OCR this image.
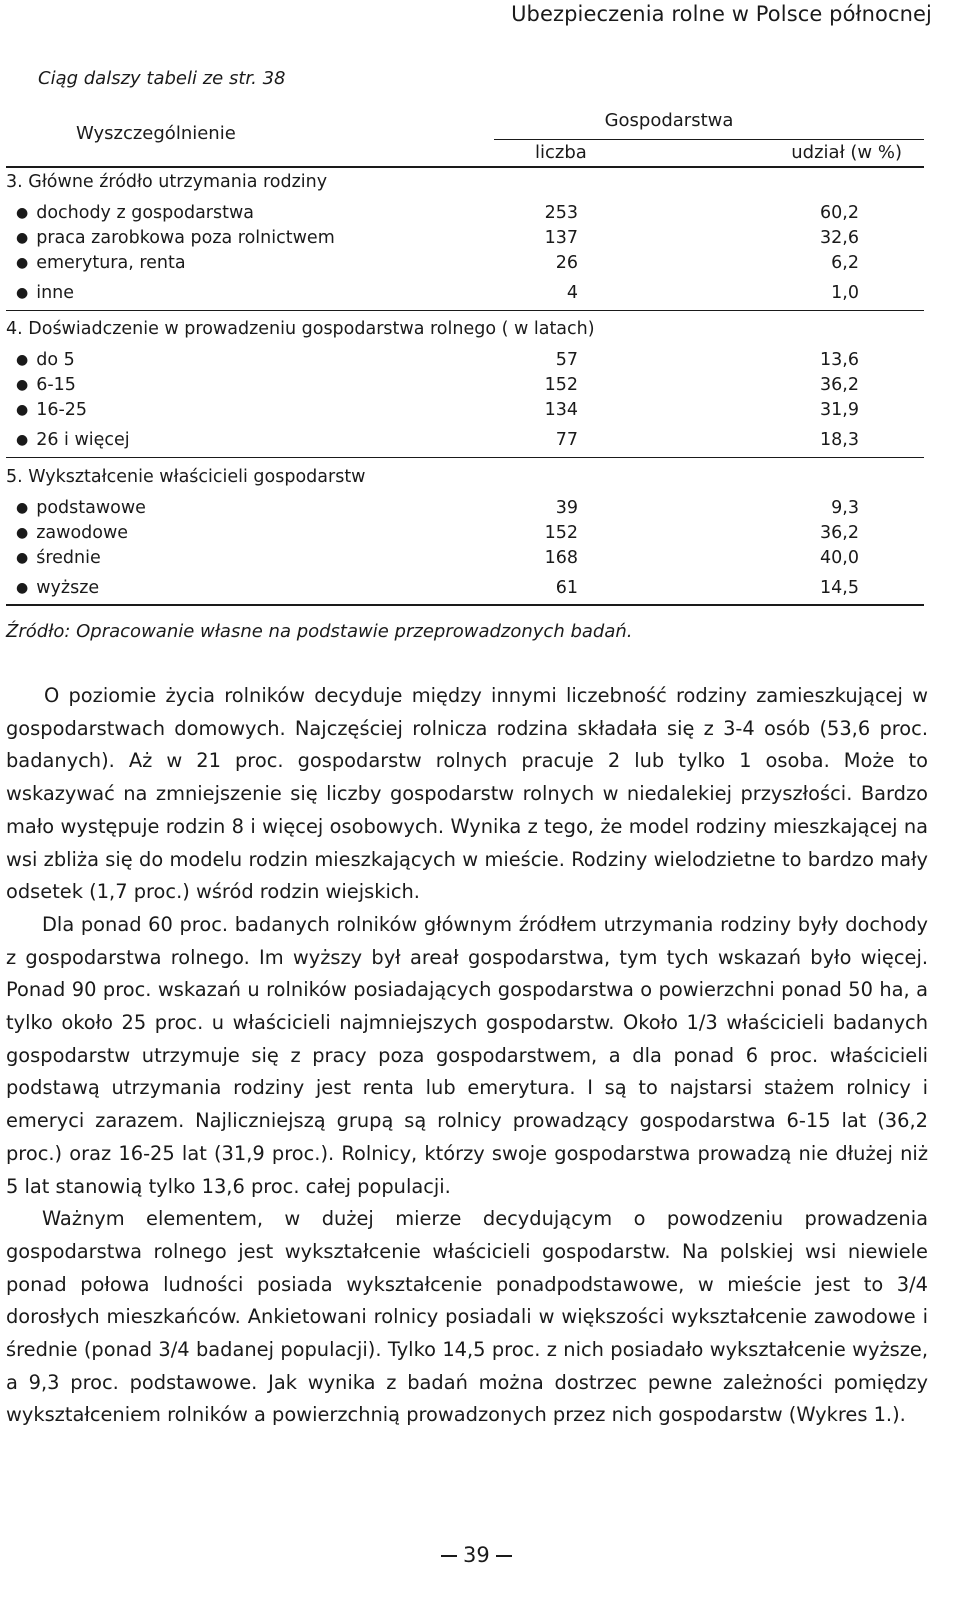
Ubezpieczenia rolne w Polsce północnej
Ciąg dalszy tabeli ze str. 38
Wyszczególnienie
Gospodarstwa
liczba	udział (w %)
3. Główne źródło utrzymania rodziny
● dochody z gospodarstwa	253	60,2
● praca zarobkowa poza rolnictwem	137	32,6
● emerytura, renta	26	6,2
● inne	4	1,0
4. Doświadczenie w prowadzeniu gospodarstwa rolnego ( w latach)
● do 5	57	13,6
● 6-15	152	36,2
● 16-25	134	31,9
● 26 i więcej	77	18,3
5. Wykształcenie właścicieli gospodarstw
● podstawowe	39	9,3
● zawodowe	152	36,2
● średnie	168	40,0
● wyższe	61	14,5
Źródło: Opracowanie własne na podstawie przeprowadzonych badań.

O poziomie życia rolników decyduje między innymi liczebność rodziny zamieszkującej w gospodarstwach domowych. Najczęściej rolnicza rodzina składała się z 3-4 osób (53,6 proc. badanych). Aż w 21 proc. gospodarstw rolnych pracuje 2 lub tylko 1 osoba. Może to wskazywać na zmniejszenie się liczby gospodarstw rolnych w niedalekiej przyszłości. Bardzo mało występuje rodzin 8 i więcej osobowych. Wynika z tego, że model rodziny mieszkającej na wsi zbliża się do modelu rodzin mieszkających w mieście. Rodziny wielodzietne to bardzo mały odsetek (1,7 proc.) wśród rodzin wiejskich.

Dla ponad 60 proc. badanych rolników głównym źródłem utrzymania rodziny były dochody z gospodarstwa rolnego. Im wyższy był areał gospodarstwa, tym tych wskazań było więcej. Ponad 90 proc. wskazań u rolników posiadających gospodarstwa o powierzchni ponad 50 ha, a tylko około 25 proc. u właścicieli najmniejszych gospodarstw. Około 1/3 właścicieli badanych gospodarstw utrzymuje się z pracy poza gospodarstwem, a dla ponad 6 proc. właścicieli podstawą utrzymania rodziny jest renta lub emerytura. I są to najstarsi stażem rolnicy i emeryci zarazem. Najliczniejszą grupą są rolnicy prowadzący gospodarstwa 6-15 lat (36,2 proc.) oraz 16-25 lat (31,9 proc.). Rolnicy, którzy swoje gospodarstwa prowadzą nie dłużej niż 5 lat stanowią tylko 13,6 proc. całej populacji.

Ważnym elementem, w dużej mierze decydującym o powodzeniu prowadzenia gospodarstwa rolnego jest wykształcenie właścicieli gospodarstw. Na polskiej wsi niewiele ponad połowa ludności posiada wykształcenie ponadpodstawowe, w mieście jest to 3/4 dorosłych mieszkańców. Ankietowani rolnicy posiadali w większości wykształcenie zawodowe i średnie (ponad 3/4 badanej populacji). Tylko 14,5 proc. z nich posiadało wykształcenie wyższe, a 9,3 proc. podstawowe. Jak wynika z badań można dostrzec pewne zależności pomiędzy wykształceniem rolników a powierzchnią prowadzonych przez nich gospodarstw (Wykres 1.).

39
